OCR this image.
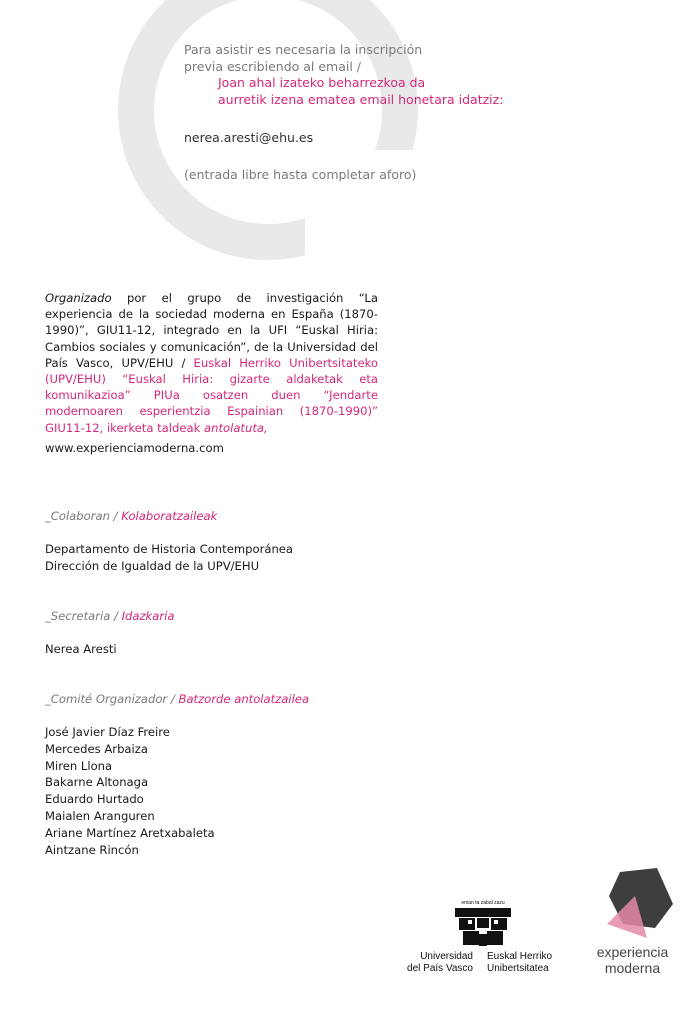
Para asistir es necesaria la inscripción
previa escribiendo al email /
Joan ahal izateko beharrezkoa da
aurretik izena ematea email honetara idatziz:
nerea.aresti@ehu.es
(entrada libre hasta completar aforo)
Organizado por el grupo de investigación “La experiencia de la sociedad moderna en España (1870-1990)”, GIU11-12, integrado en la UFI “Euskal Hiria: Cambios sociales y comunicación”, de la Universidad del País Vasco, UPV/EHU / Euskal Herriko Unibertsitateko (UPV/EHU) “Euskal Hiria: gizarte aldaketak eta komunikazioa” PIUa osatzen duen “Jendarte modernoaren esperientzia Espainian (1870-1990)” GIU11-12, ikerketa taldeak antolatuta,
www.experienciamoderna.com
_Colaboran / Kolaboratzaileak
Departamento de Historia Contemporánea
Dirección de Igualdad de la UPV/EHU
_Secretaria / Idazkaria
Nerea Aresti
_Comité Organizador / Batzorde antolatzailea
José Javier Díaz Freire
Mercedes Arbaiza
Miren Llona
Bakarne Altonaga
Eduardo Hurtado
Maialen Aranguren
Ariane Martínez Aretxabaleta
Aintzane Rincón
eman ta zabal zazu
Universidad
del País Vasco
Euskal Herriko
Unibertsitatea
experiencia
moderna
